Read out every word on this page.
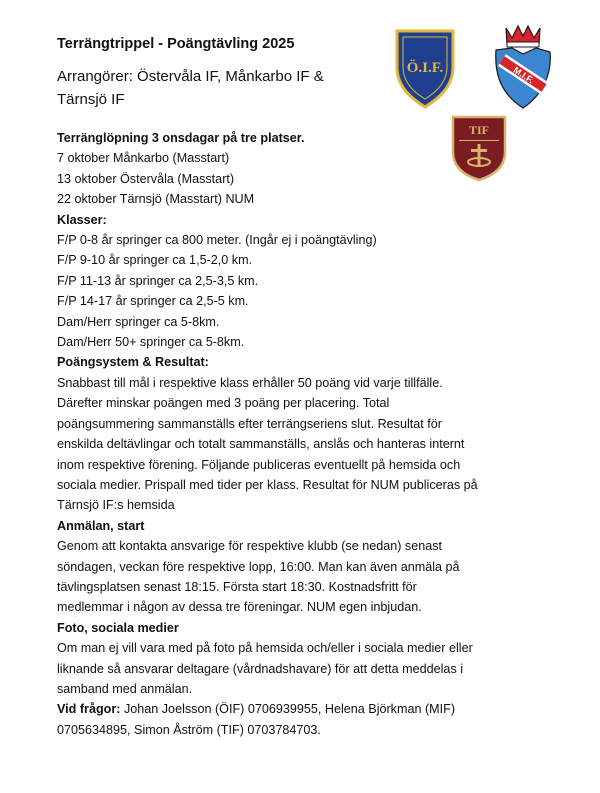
Ö.I.F.	M.I.F.
TIF
Terrängtrippel - Poängtävling 2025
Arrangörer: Östervåla IF, Månkarbo IF &
Tärnsjö IF
Terränglöpning 3 onsdagar på tre platser.
7 oktober Månkarbo (Masstart)
13 oktober Östervåla (Masstart)
22 oktober Tärnsjö (Masstart) NUM
Klasser:
F/P 0-8 år springer ca 800 meter. (Ingår ej i poängtävling)
F/P 9-10 år springer ca 1,5-2,0 km.
F/P 11-13 år springer ca 2,5-3,5 km.
F/P 14-17 år springer ca 2,5-5 km.
Dam/Herr springer ca 5-8km.
Dam/Herr 50+ springer ca 5-8km.
Poängsystem & Resultat:
Snabbast till mål i respektive klass erhåller 50 poäng vid varje tillfälle.
Därefter minskar poängen med 3 poäng per placering. Total
poängsummering sammanställs efter terrängseriens slut. Resultat för
enskilda deltävlingar och totalt sammanställs, anslås och hanteras internt
inom respektive förening. Följande publiceras eventuellt på hemsida och
sociala medier. Prispall med tider per klass. Resultat för NUM publiceras på
Tärnsjö IF:s hemsida
Anmälan, start
Genom att kontakta ansvarige för respektive klubb (se nedan) senast
söndagen, veckan före respektive lopp, 16:00. Man kan även anmäla på
tävlingsplatsen senast 18:15. Första start 18:30. Kostnadsfritt för
medlemmar i någon av dessa tre föreningar. NUM egen inbjudan.
Foto, sociala medier
Om man ej vill vara med på foto på hemsida och/eller i sociala medier eller
liknande så ansvarar deltagare (vårdnadshavare) för att detta meddelas i
samband med anmälan.
Vid frågor: Johan Joelsson (ÖIF) 0706939955, Helena Björkman (MIF)
0705634895, Simon Åström (TIF) 0703784703.
